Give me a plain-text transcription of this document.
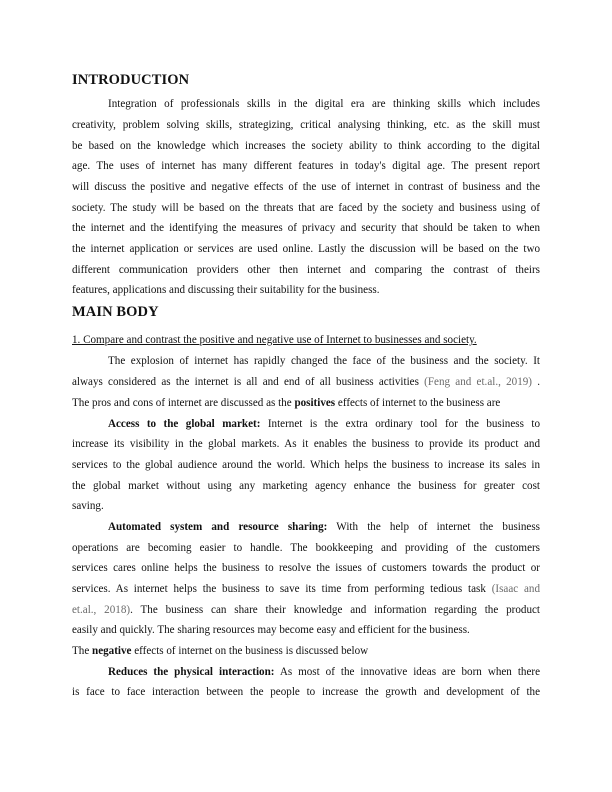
INTRODUCTION
Integration of professionals skills in the digital era are thinking skills which includes
creativity, problem solving skills, strategizing, critical analysing thinking, etc. as the skill must
be based on the knowledge which increases the society ability to think according to the digital
age. The uses of internet has many different features in today's digital age. The present report
will discuss the positive and negative effects of the use of internet in contrast of business and the
society. The study will be based on the threats that are faced by the society and business using of
the internet and the identifying the measures of privacy and security that should be taken to when
the internet application or services are used online. Lastly the discussion will be based on the two
different communication providers other then internet and comparing the contrast of theirs
features, applications and discussing their suitability for the business.
MAIN BODY
1. Compare and contrast the positive and negative use of Internet to businesses and society.
The explosion of internet has rapidly changed the face of the business and the society. It
always considered as the internet is all and end of all business activities (Feng and et.al., 2019) .
The pros and cons of internet are discussed as the positives effects of internet to the business are
Access to the global market: Internet is the extra ordinary tool for the business to
increase its visibility in the global markets. As it enables the business to provide its product and
services to the global audience around the world. Which helps the business to increase its sales in
the global market without using any marketing agency enhance the business for greater cost
saving.
Automated system and resource sharing: With the help of internet the business
operations are becoming easier to handle. The bookkeeping and providing of the customers
services cares online helps the business to resolve the issues of customers towards the product or
services. As internet helps the business to save its time from performing tedious task (Isaac and
et.al., 2018). The business can share their knowledge and information regarding the product
easily and quickly. The sharing resources may become easy and efficient for the business.
The negative effects of internet on the business is discussed below
Reduces the physical interaction: As most of the innovative ideas are born when there
is face to face interaction between the people to increase the growth and development of the
